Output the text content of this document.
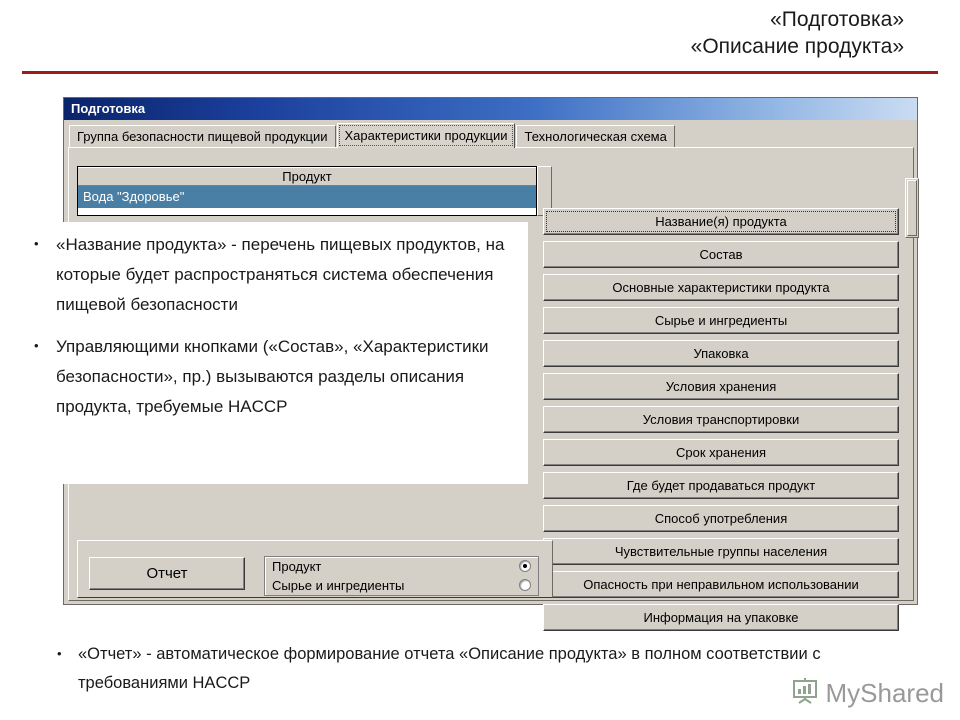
«Подготовка»
«Описание продукта»
Подготовка
Группа безопасности пищевой продукции	Характеристики продукции	Технологическая схема
Продукт
Вода "Здоровье"
Название(я) продукта
Состав
Основные характеристики продукта
Сырье и ингредиенты
Упаковка
Условия хранения
Условия транспортировки
Срок хранения
Где будет продаваться продукт
Способ употребления
Чувствительные группы населения
Опасность при неправильном использовании
Информация на упаковке
Отчет	Продукт
Сырье и ингредиенты
• «Название продукта» - перечень пищевых продуктов, на которые будет распространяться система обеспечения пищевой безопасности
• Управляющими кнопками («Состав», «Характеристики безопасности», пр.) вызываются разделы описания продукта, требуемые HACCP
• «Отчет» - автоматическое формирование отчета «Описание продукта» в полном соответствии с требованиями HACCP	MyShared
